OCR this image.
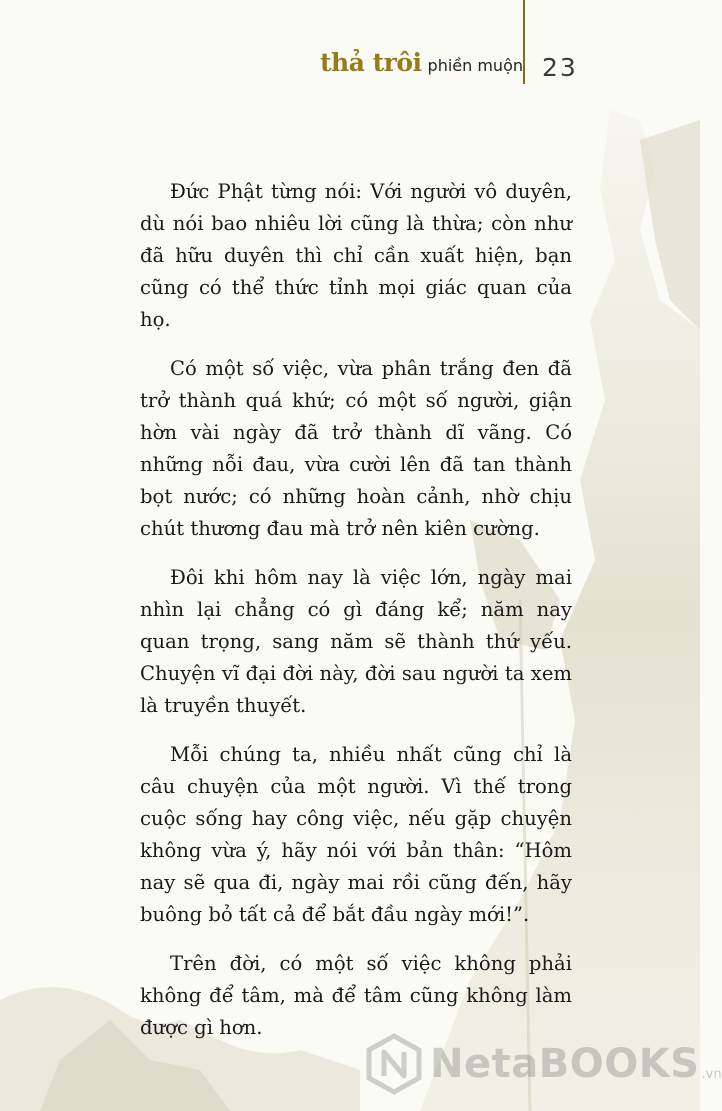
thả trôi phiền muộn 23

Đức Phật từng nói: Với người vô duyên, dù nói bao nhiêu lời cũng là thừa; còn như đã hữu duyên thì chỉ cần xuất hiện, bạn cũng có thể thức tỉnh mọi giác quan của họ.

Có một số việc, vừa phân trắng đen đã trở thành quá khứ; có một số người, giận hờn vài ngày đã trở thành dĩ vãng. Có những nỗi đau, vừa cười lên đã tan thành bọt nước; có những hoàn cảnh, nhờ chịu chút thương đau mà trở nên kiên cường.

Đôi khi hôm nay là việc lớn, ngày mai nhìn lại chẳng có gì đáng kể; năm nay quan trọng, sang năm sẽ thành thứ yếu. Chuyện vĩ đại đời này, đời sau người ta xem là truyền thuyết.

Mỗi chúng ta, nhiều nhất cũng chỉ là câu chuyện của một người. Vì thế trong cuộc sống hay công việc, nếu gặp chuyện không vừa ý, hãy nói với bản thân: “Hôm nay sẽ qua đi, ngày mai rồi cũng đến, hãy buông bỏ tất cả để bắt đầu ngày mới!”.

Trên đời, có một số việc không phải không để tâm, mà để tâm cũng không làm được gì hơn.

NetaBOOKS .vn
